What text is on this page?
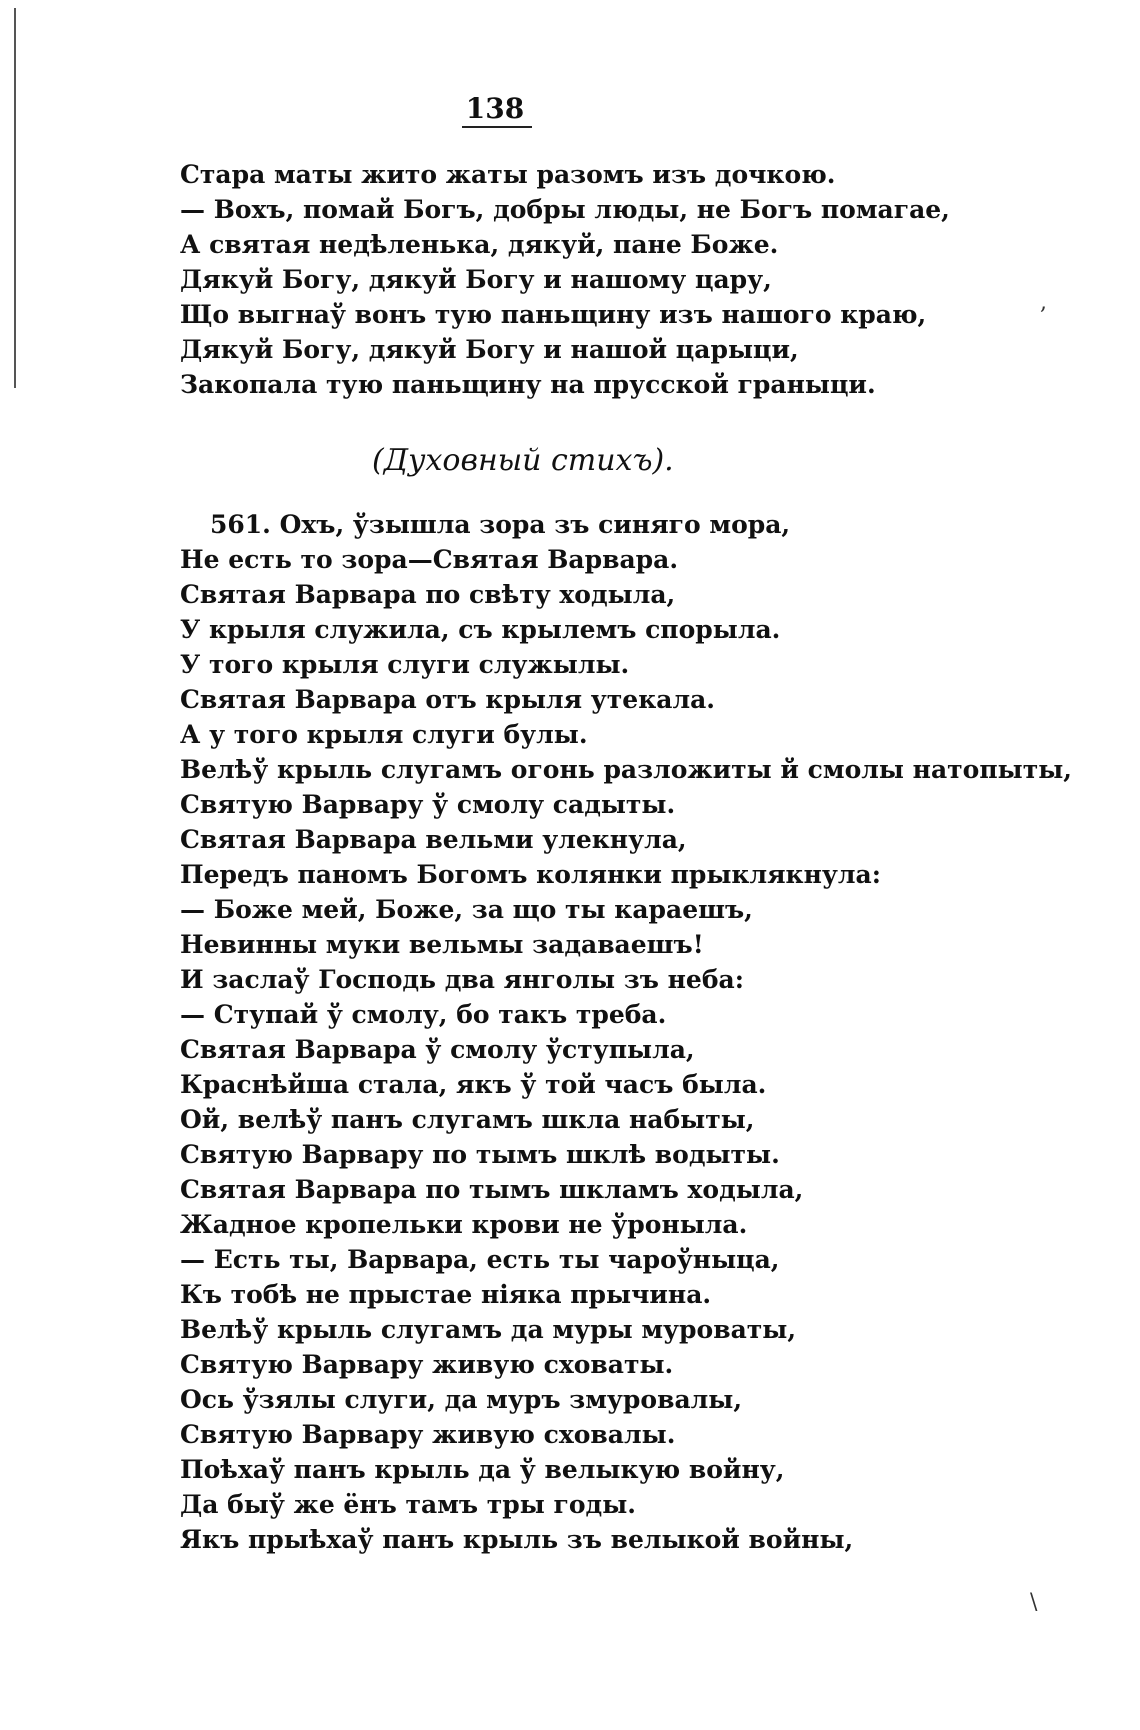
138
Стара маты жито жаты разомъ изъ дочкою.
— Вохъ, помай Богъ, добры люды, не Богъ помагае,
А святая недѣленька, дякуй, пане Боже.
Дякуй Богу, дякуй Богу и нашому цару,
Що выгнаў вонъ тую паньщину изъ нашого краю,
Дякуй Богу, дякуй Богу и нашой царыци,
Закопала тую паньщину на прусской граныци.
(Духовный стихъ).
561. Охъ, ўзышла зора зъ синяго мора,
Не есть то зора—Святая Варвара.
Святая Варвара по свѣту ходыла,
У крыля служила, съ крылемъ спорыла.
У того крыля слуги служылы.
Святая Варвара отъ крыля утекала.
А у того крыля слуги булы.
Велѣў крыль слугамъ огонь разложиты й смолы натопыты,
Святую Варвару ў смолу садыты.
Святая Варвара вельми улекнула,
Передъ паномъ Богомъ колянки прыклякнула:
— Боже мей, Боже, за що ты караешъ,
Невинны муки вельмы задаваешъ!
И заслаў Господь два янголы зъ неба:
— Ступай ў смолу, бо такъ треба.
Святая Варвара ў смолу ўступыла,
Краснѣйша стала, якъ ў той часъ была.
Ой, велѣў панъ слугамъ шкла набыты,
Святую Варвару по тымъ шклѣ водыты.
Святая Варвара по тымъ шкламъ ходыла,
Жадное кропельки крови не ўроныла.
— Есть ты, Варвара, есть ты чароўныца,
Къ тобѣ не прыстае ніяка прычина.
Велѣў крыль слугамъ да муры муроваты,
Святую Варвару живую сховаты.
Ось ўзялы слуги, да муръ змуровалы,
Святую Варвару живую сховалы.
Поѣхаў панъ крыль да ў велыкую войну,
Да быў же ёнъ тамъ тры годы.
Якъ прыѣхаў панъ крыль зъ велыкой войны,
,
\
